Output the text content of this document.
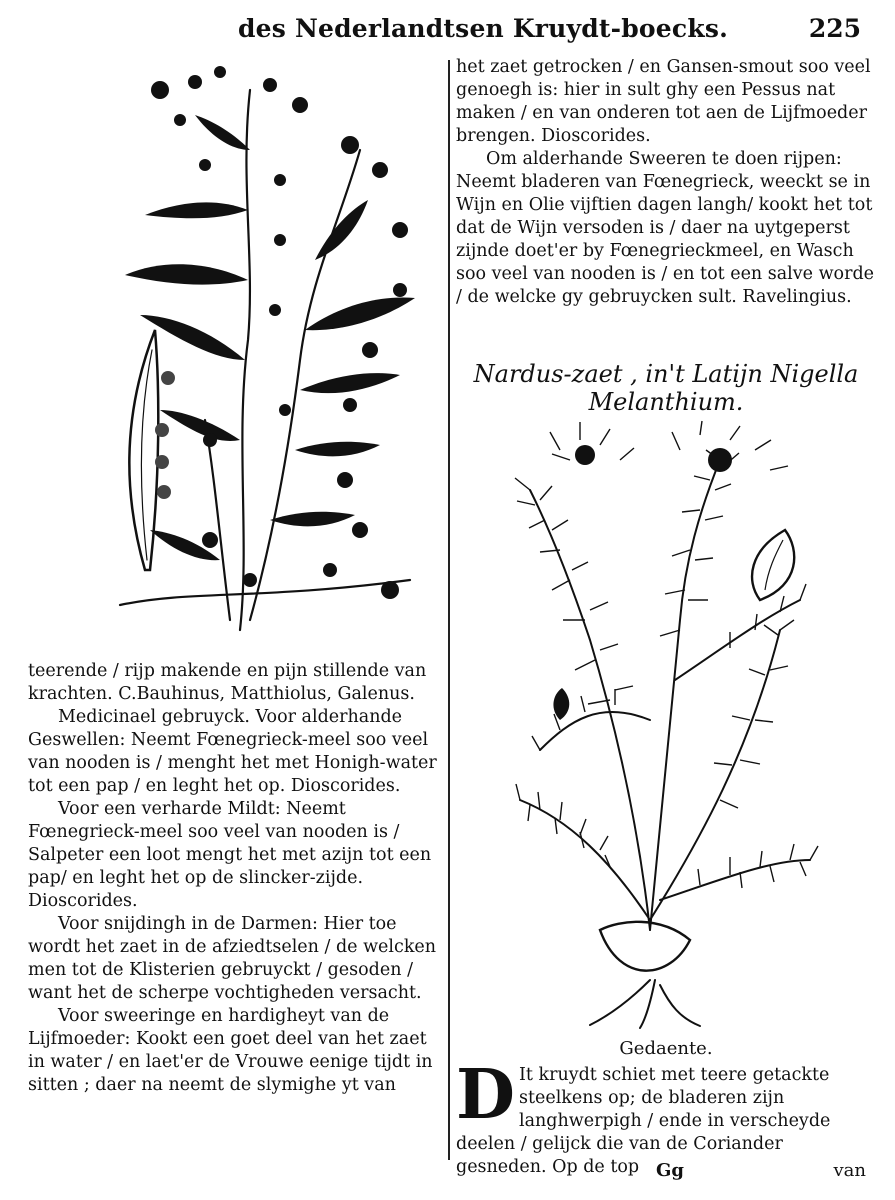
des Nederlandtsen Kruydt-boecks.	225

teerende / rijp makende en pijn stillende van krachten. C.Bauhinus, Matthiolus, Galenus.

Medicinael gebruyck. Voor alderhande Geswellen: Neemt Fœnegrieck-meel soo veel van nooden is / menght het met Honigh-water tot een pap / en leght het op. Dioscorides.

Voor een verharde Mildt: Neemt Fœnegrieck-meel soo veel van nooden is / Salpeter een loot mengt het met azijn tot een pap/ en leght het op de slincker-zijde. Dioscorides.

Voor snijdingh in de Darmen: Hier toe wordt het zaet in de afziedtselen / de welcken men tot de Klisterien gebruyckt / gesoden / want het de scherpe vochtigheden versacht.

Voor sweeringe en hardigheyt van de Lijfmoeder: Kookt een goet deel van het zaet in water / en laet'er de Vrouwe eenige tijdt in sitten ; daer na neemt de slymighe yt van

het zaet getrocken / en Gansen-smout soo veel genoegh is: hier in sult ghy een Pessus nat maken / en van onderen tot aen de Lijfmoeder brengen. Dioscorides.

Om alderhande Sweeren te doen rijpen: Neemt bladeren van Fœnegrieck, weeckt se in Wijn en Olie vijftien dagen langh/ kookt het tot dat de Wijn versoden is / daer na uytgeperst zijnde doet'er by Fœnegrieckmeel, en Wasch soo veel van nooden is / en tot een salve worde / de welcke gy gebruycken sult. Ravelingius.

Nardus-zaet , in't Latijn Nigella Melanthium.
Gedaente.
D It kruydt schiet met teere getackte steelkens op; de bladeren zijn langhwerpigh / ende in verscheyde deelen / gelijck die van de Coriander gesneden. Op de top Gg	van
